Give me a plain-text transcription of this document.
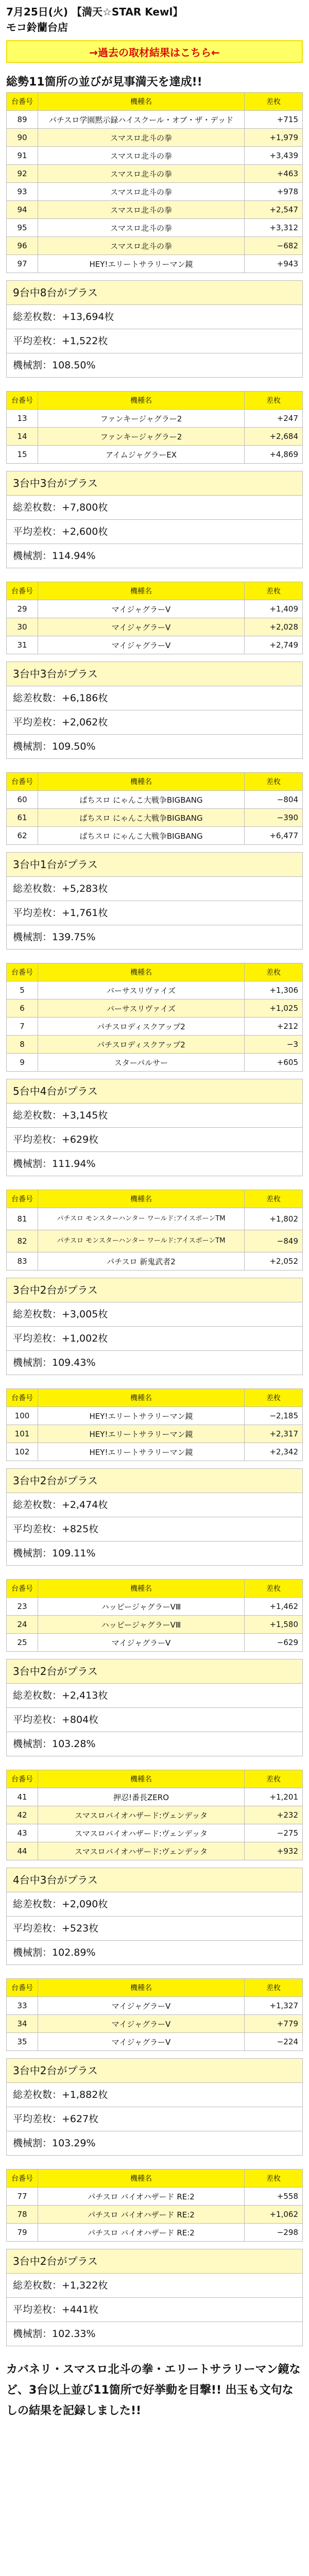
7月25日(火) 【満天☆STAR Kewl】
モコ鈴蘭台店
→過去の取材結果はこちら←
総勢11箇所の並びが見事満天を達成!!
台番号	機種名	差枚
89	パチスロ学園黙示録ハイスクール・オブ・ザ・デッド	+715
90	スマスロ北斗の拳	+1,979
91	スマスロ北斗の拳	+3,439
92	スマスロ北斗の拳	+463
93	スマスロ北斗の拳	+978
94	スマスロ北斗の拳	+2,547
95	スマスロ北斗の拳	+3,312
96	スマスロ北斗の拳	−682
97	HEY!エリートサラリーマン鏡	+943
9台中8台がプラス
総差枚数：+13,694枚
平均差枚：+1,522枚
機械割：108.50%
台番号	機種名	差枚
13	ファンキージャグラー2	+247
14	ファンキージャグラー2	+2,684
15	アイムジャグラーEX	+4,869
3台中3台がプラス
総差枚数：+7,800枚
平均差枚：+2,600枚
機械割：114.94%
台番号	機種名	差枚
29	マイジャグラーV	+1,409
30	マイジャグラーV	+2,028
31	マイジャグラーV	+2,749
3台中3台がプラス
総差枚数：+6,186枚
平均差枚：+2,062枚
機械割：109.50%
台番号	機種名	差枚
60	ぱちスロ にゃんこ大戦争BIGBANG	−804
61	ぱちスロ にゃんこ大戦争BIGBANG	−390
62	ぱちスロ にゃんこ大戦争BIGBANG	+6,477
3台中1台がプラス
総差枚数：+5,283枚
平均差枚：+1,761枚
機械割：139.75%
台番号	機種名	差枚
5	バーサスリヴァイズ	+1,306
6	バーサスリヴァイズ	+1,025
7	パチスロディスクアップ2	+212
8	パチスロディスクアップ2	−3
9	スターパルサー	+605
5台中4台がプラス
総差枚数：+3,145枚
平均差枚：+629枚
機械割：111.94%
台番号	機種名	差枚
81	パチスロ モンスターハンター ワールド:アイスボーンTM	+1,802
82	パチスロ モンスターハンター ワールド:アイスボーンTM	−849
83	パチスロ 新鬼武者2	+2,052
3台中2台がプラス
総差枚数：+3,005枚
平均差枚：+1,002枚
機械割：109.43%
台番号	機種名	差枚
100	HEY!エリートサラリーマン鏡	−2,185
101	HEY!エリートサラリーマン鏡	+2,317
102	HEY!エリートサラリーマン鏡	+2,342
3台中2台がプラス
総差枚数：+2,474枚
平均差枚：+825枚
機械割：109.11%
台番号	機種名	差枚
23	ハッピージャグラーVⅢ	+1,462
24	ハッピージャグラーVⅢ	+1,580
25	マイジャグラーV	−629
3台中2台がプラス
総差枚数：+2,413枚
平均差枚：+804枚
機械割：103.28%
台番号	機種名	差枚
41	押忍!番長ZERO	+1,201
42	スマスロバイオハザード:ヴェンデッタ	+232
43	スマスロバイオハザード:ヴェンデッタ	−275
44	スマスロバイオハザード:ヴェンデッタ	+932
4台中3台がプラス
総差枚数：+2,090枚
平均差枚：+523枚
機械割：102.89%
台番号	機種名	差枚
33	マイジャグラーV	+1,327
34	マイジャグラーV	+779
35	マイジャグラーV	−224
3台中2台がプラス
総差枚数：+1,882枚
平均差枚：+627枚
機械割：103.29%
台番号	機種名	差枚
77	パチスロ バイオハザード RE:2	+558
78	パチスロ バイオハザード RE:2	+1,062
79	パチスロ バイオハザード RE:2	−298
3台中2台がプラス
総差枚数：+1,322枚
平均差枚：+441枚
機械割：102.33%
カバネリ・スマスロ北斗の拳・エリートサラリーマン鏡など、3台以上並び11箇所で好挙動を目撃!! 出玉も文句なしの結果を記録しました!!
